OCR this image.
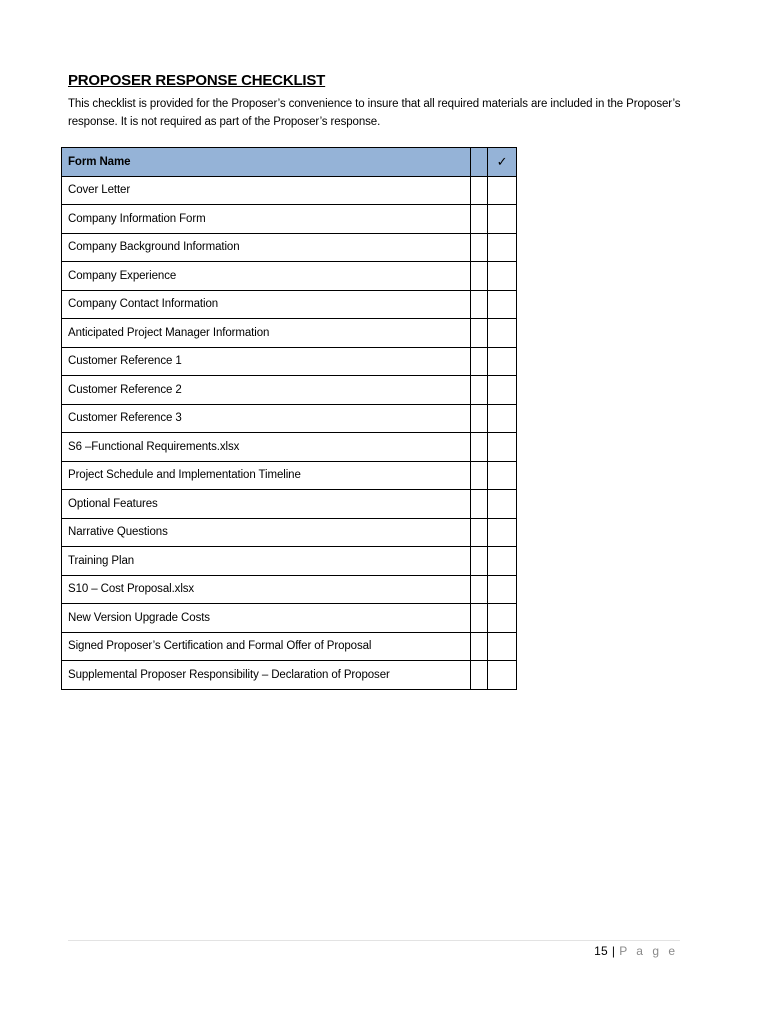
PROPOSER RESPONSE CHECKLIST

This checklist is provided for the Proposer’s convenience to insure that all required materials are included in the Proposer’s response. It is not required as part of the Proposer’s response.

Form Name		✓
Cover Letter		
Company Information Form		
Company Background Information		
Company Experience		
Company Contact Information		
Anticipated Project Manager Information		
Customer Reference 1		
Customer Reference 2		
Customer Reference 3		
S6 –Functional Requirements.xlsx		
Project Schedule and Implementation Timeline		
Optional Features		
Narrative Questions		
Training Plan		
S10 – Cost Proposal.xlsx		
New Version Upgrade Costs		
Signed Proposer’s Certification and Formal Offer of Proposal		
Supplemental Proposer Responsibility – Declaration of Proposer		
15 | P a g e
